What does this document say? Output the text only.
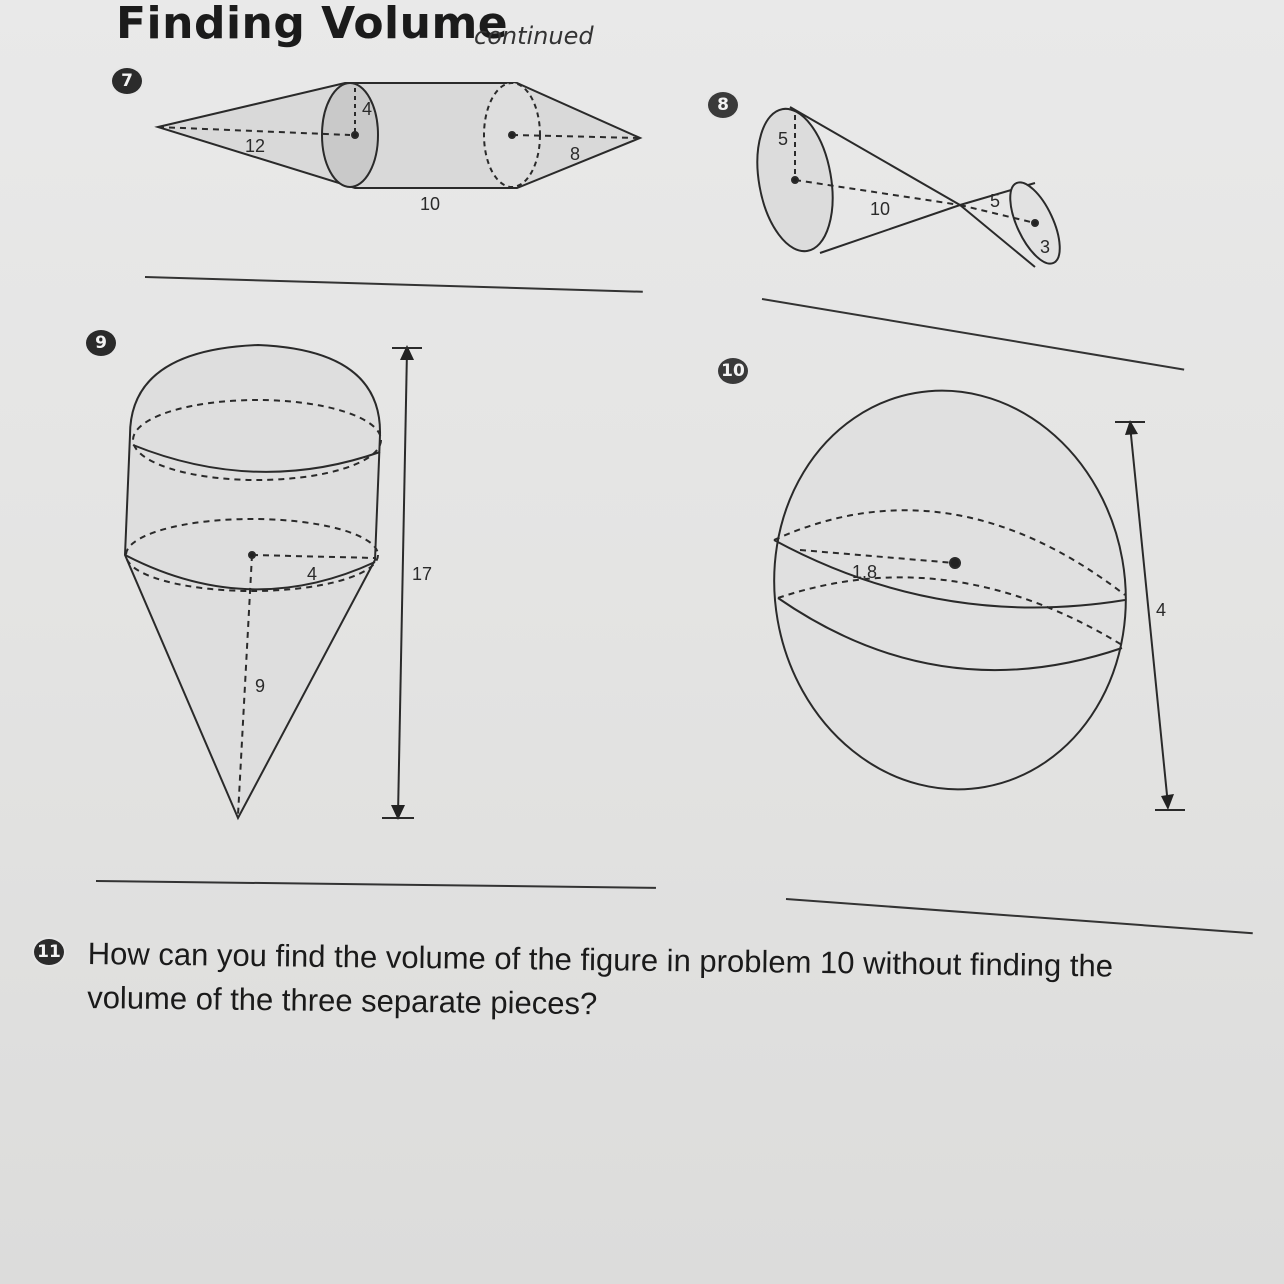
Finding Volume
continued
7
12
4
10
8
8
5
10	5
3
9
4
9
17
10
1.8
4
11 How can you find the volume of the figure in problem 10 without finding the volume of the three separate pieces?
